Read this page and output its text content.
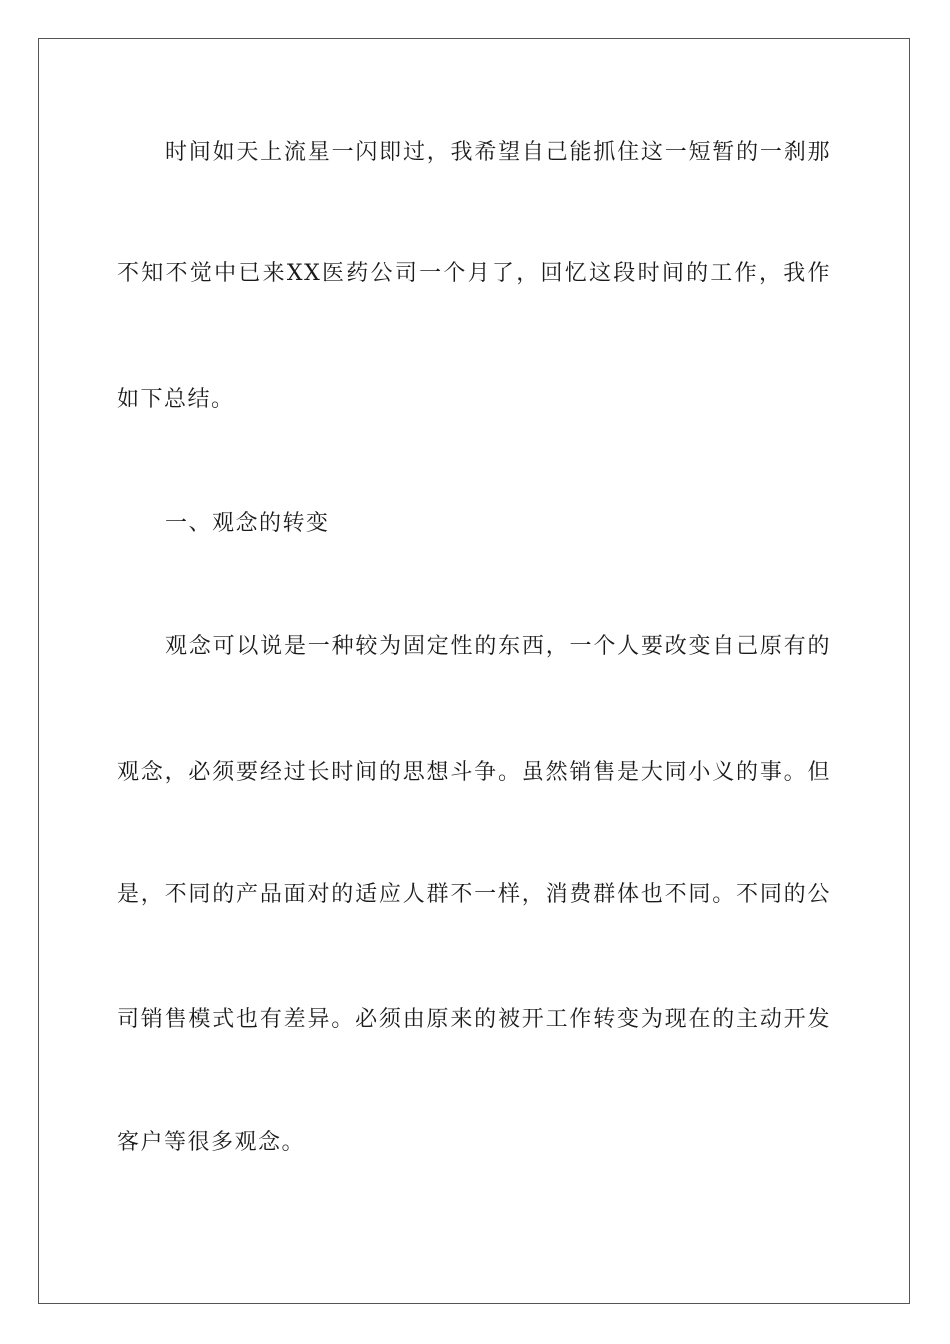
时间如天上流星一闪即过，我希望自己能抓住这一短暂的一刹那
不知不觉中已来XX医药公司一个月了，回忆这段时间的工作，我作
如下总结。
一、观念的转变
观念可以说是一种较为固定性的东西，一个人要改变自己原有的
观念，必须要经过长时间的思想斗争。虽然销售是大同小义的事。但
是，不同的产品面对的适应人群不一样，消费群体也不同。不同的公
司销售模式也有差异。必须由原来的被开工作转变为现在的主动开发
客户等很多观念。
